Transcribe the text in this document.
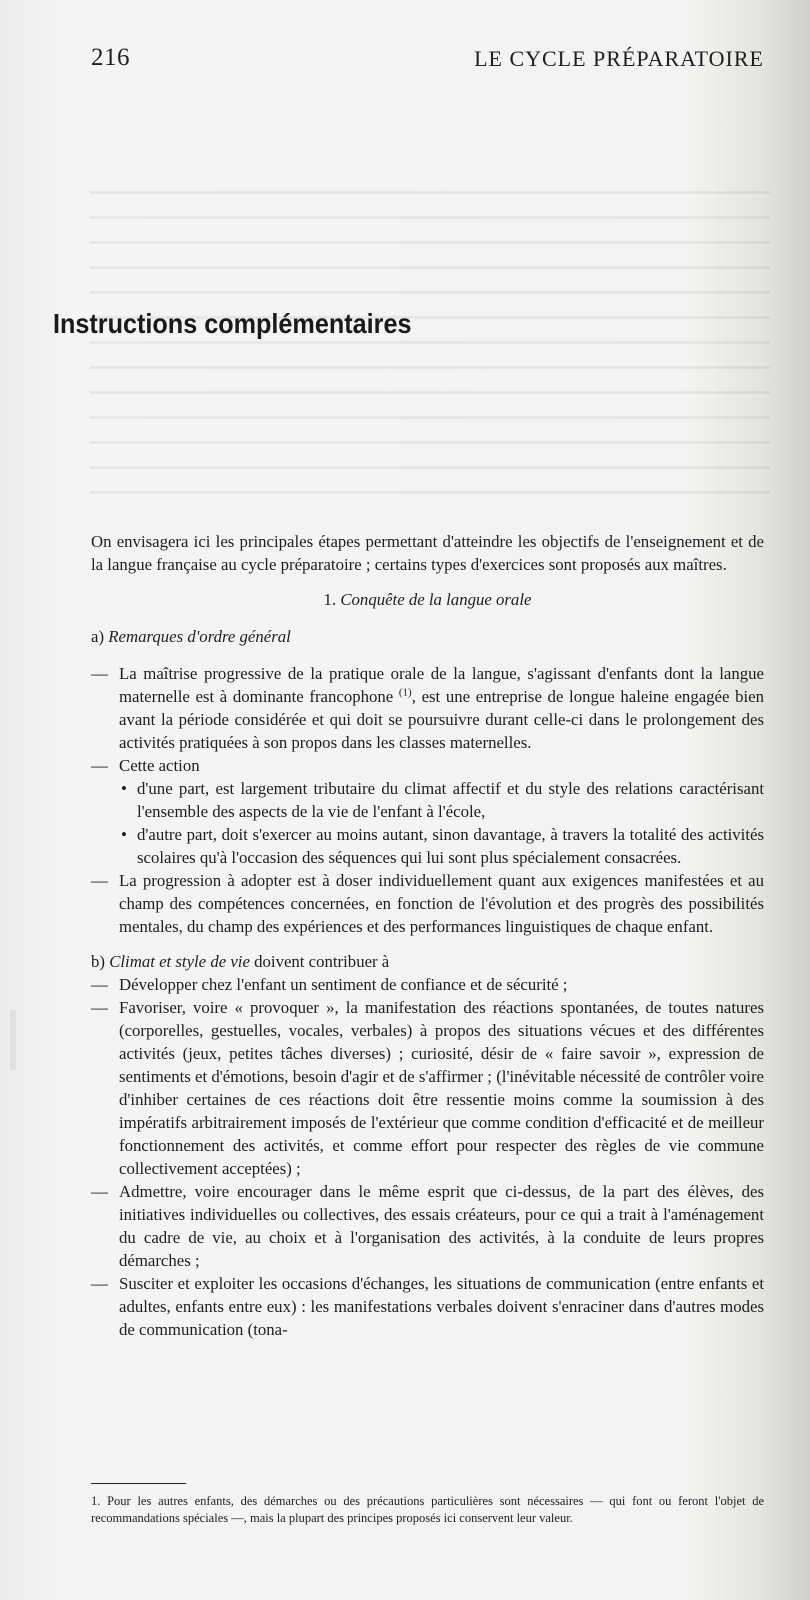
216	LE CYCLE PRÉPARATOIRE
Instructions complémentaires

On envisagera ici les principales étapes permettant d'atteindre les objectifs de l'enseignement et de la langue française au cycle préparatoire ; certains types d'exercices sont proposés aux maîtres.

1. Conquête de la langue orale

a) Remarques d'ordre général

— La maîtrise progressive de la pratique orale de la langue, s'agissant d'enfants dont la langue maternelle est à dominante francophone $^{(1)}$, est une entreprise de longue haleine engagée bien avant la période considérée et qui doit se poursuivre durant celle-ci dans le prolongement des activités pratiquées à son propos dans les classes maternelles.
— Cette action
• d'une part, est largement tributaire du climat affectif et du style des relations caractérisant l'ensemble des aspects de la vie de l'enfant à l'école,
• d'autre part, doit s'exercer au moins autant, sinon davantage, à travers la totalité des activités scolaires qu'à l'occasion des séquences qui lui sont plus spécialement consacrées.
— La progression à adopter est à doser individuellement quant aux exigences manifestées et au champ des compétences concernées, en fonction de l'évolution et des progrès des possibilités mentales, du champ des expériences et des performances linguistiques de chaque enfant.

b) Climat et style de vie doivent contribuer à

— Développer chez l'enfant un sentiment de confiance et de sécurité ;
— Favoriser, voire « provoquer », la manifestation des réactions spontanées, de toutes natures (corporelles, gestuelles, vocales, verbales) à propos des situations vécues et des différentes activités (jeux, petites tâches diverses) ; curiosité, désir de « faire savoir », expression de sentiments et d'émotions, besoin d'agir et de s'affirmer ; (l'inévitable nécessité de contrôler voire d'inhiber certaines de ces réactions doit être ressentie moins comme la soumission à des impératifs arbitrairement imposés de l'extérieur que comme condition d'efficacité et de meilleur fonctionnement des activités, et comme effort pour respecter des règles de vie commune collectivement acceptées) ;
— Admettre, voire encourager dans le même esprit que ci-dessus, de la part des élèves, des initiatives individuelles ou collectives, des essais créateurs, pour ce qui a trait à l'aménagement du cadre de vie, au choix et à l'organisation des activités, à la conduite de leurs propres démarches ;
— Susciter et exploiter les occasions d'échanges, les situations de communication (entre enfants et adultes, enfants entre eux) : les manifestations verbales doivent s'enraciner dans d'autres modes de communication (tona-
1. Pour les autres enfants, des démarches ou des précautions particulières sont nécessaires — qui font ou feront l'objet de recommandations spéciales —, mais la plupart des principes proposés ici conservent leur valeur.
